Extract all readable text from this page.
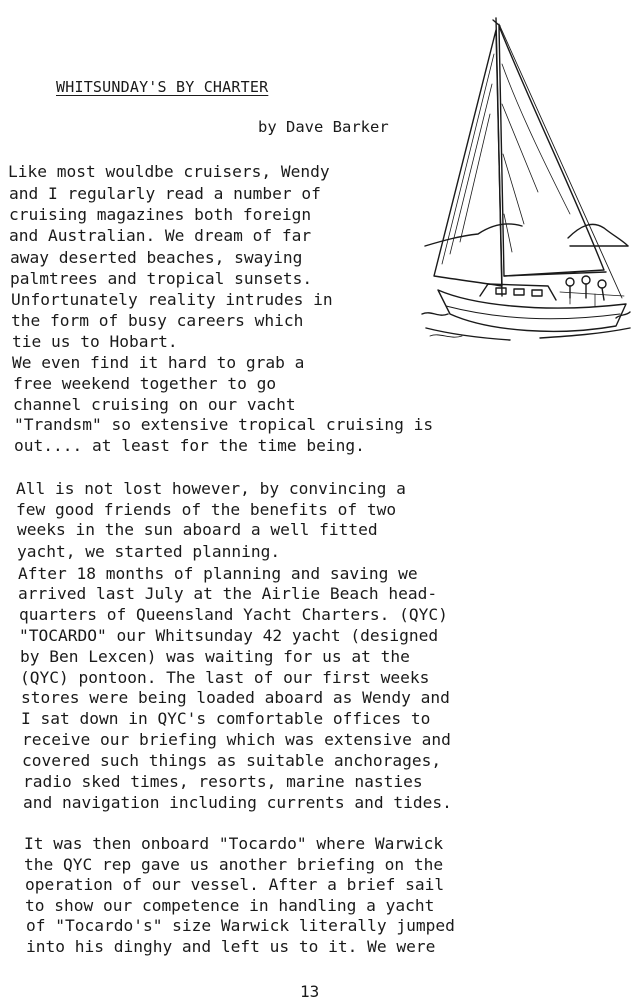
WHITSUNDAY'S BY CHARTER
by Dave Barker
Like most wouldbe cruisers, Wendy
and I regularly read a number of
cruising magazines both foreign
and Australian. We dream of far
away deserted beaches, swaying
palmtrees and tropical sunsets.
Unfortunately reality intrudes in
the form of busy careers which
tie us to Hobart.
We even find it hard to grab a
free weekend together to go
channel cruising on our vacht
"Trandsm" so extensive tropical cruising is
out.... at least for the time being.
All is not lost however, by convincing a
few good friends of the benefits of two
weeks in the sun aboard a well fitted
yacht, we started planning.
After 18 months of planning and saving we
arrived last July at the Airlie Beach head-
quarters of Queensland Yacht Charters. (QYC)
"TOCARDO" our Whitsunday 42 yacht (designed
by Ben Lexcen) was waiting for us at the
(QYC) pontoon. The last of our first weeks
stores were being loaded aboard as Wendy and
I sat down in QYC's comfortable offices to
receive our briefing which was extensive and
covered such things as suitable anchorages,
radio sked times, resorts, marine nasties
and navigation including currents and tides.
It was then onboard "Tocardo" where Warwick
the QYC rep gave us another briefing on the
operation of our vessel. After a brief sail
to show our competence in handling a yacht
of "Tocardo's" size Warwick literally jumped
into his dinghy and left us to it. We were
13
